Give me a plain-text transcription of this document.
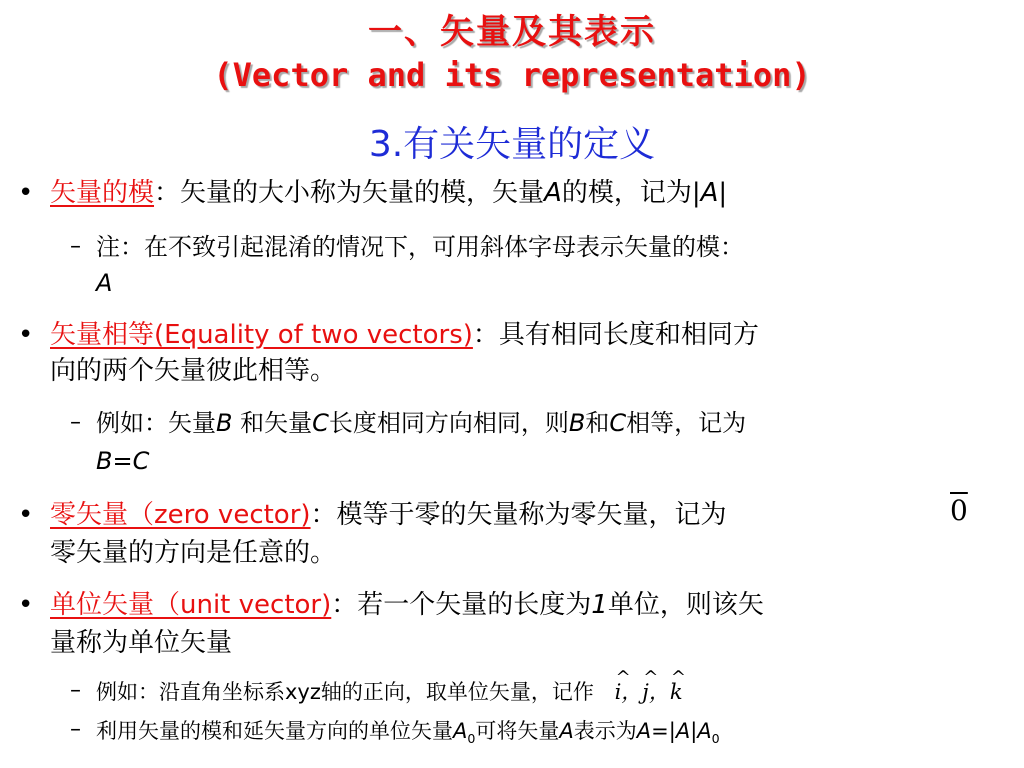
一、矢量及其表示
(Vector and its representation)
3.有关矢量的定义
• 矢量的模：矢量的大小称为矢量的模，矢量A的模，记为|A|
– 注：在不致引起混淆的情况下，可用斜体字母表示矢量的模：
A
• 矢量相等(Equality of two vectors)：具有相同长度和相同方
向的两个矢量彼此相等。
– 例如：矢量B 和矢量C长度相同方向相同，则B和C相等，记为
B=C
• 零矢量（zero vector)：模等于零的矢量称为零矢量，记为	0
零矢量的方向是任意的。
• 单位矢量（unit vector)：若一个矢量的长度为1单位，则该矢
量称为单位矢量
– 例如：沿直角坐标系xyz轴的正向，取单位矢量，记作 ^ i，^ j，^ k
– 利用矢量的模和延矢量方向的单位矢量$A_0$可将矢量A表示为$A=|A|A_0$
